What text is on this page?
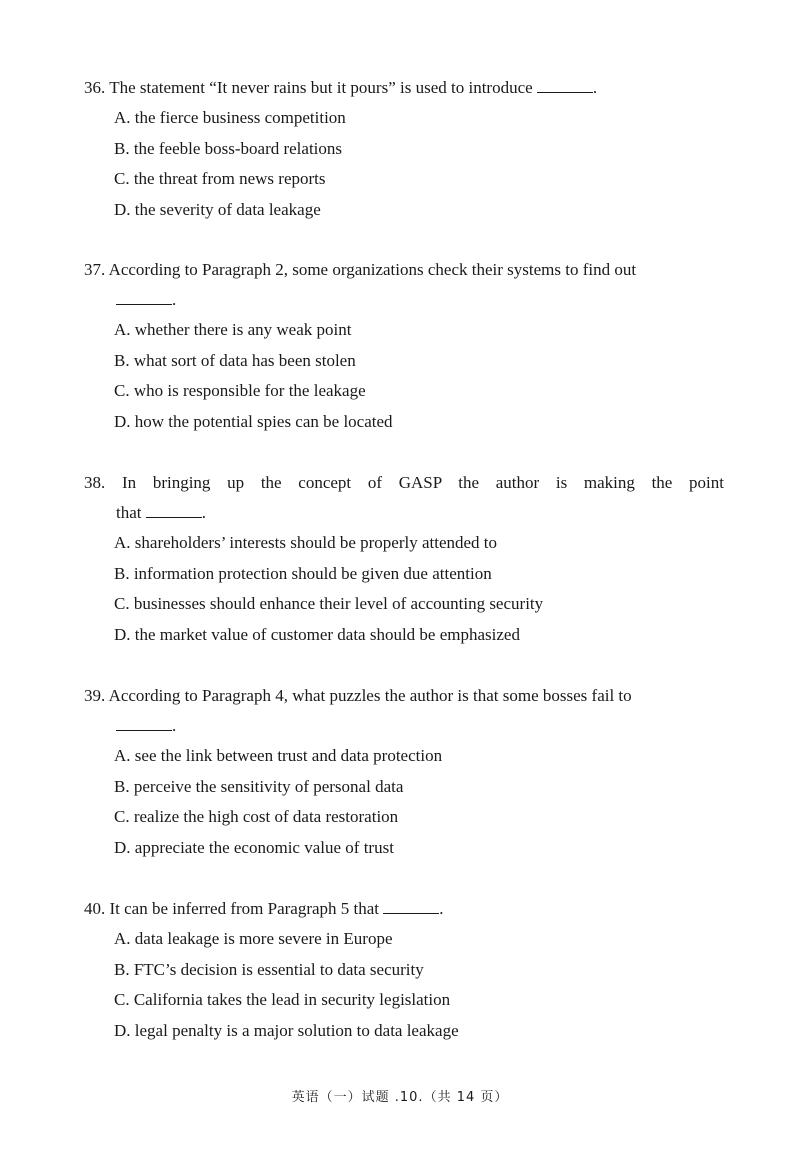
36. The statement “It never rains but it pours” is used to introduce	.

A. the fierce business competition
B. the feeble boss-board relations
C. the threat from news reports
D. the severity of data leakage

37. According to Paragraph 2, some organizations check their systems to find out

.

A. whether there is any weak point
B. what sort of data has been stolen
C. who is responsible for the leakage
D. how the potential spies can be located

38. In bringing up the concept of GASP the author is making the point

that	.

A. shareholders’ interests should be properly attended to
B. information protection should be given due attention
C. businesses should enhance their level of accounting security
D. the market value of customer data should be emphasized

39. According to Paragraph 4, what puzzles the author is that some bosses fail to

.

A. see the link between trust and data protection
B. perceive the sensitivity of personal data
C. realize the high cost of data restoration
D. appreciate the economic value of trust

40. It can be inferred from Paragraph 5 that	.

A. data leakage is more severe in Europe
B. FTC’s decision is essential to data security
C. California takes the lead in security legislation
D. legal penalty is a major solution to data leakage
英语（一）试题 .10.（共 14 页）
